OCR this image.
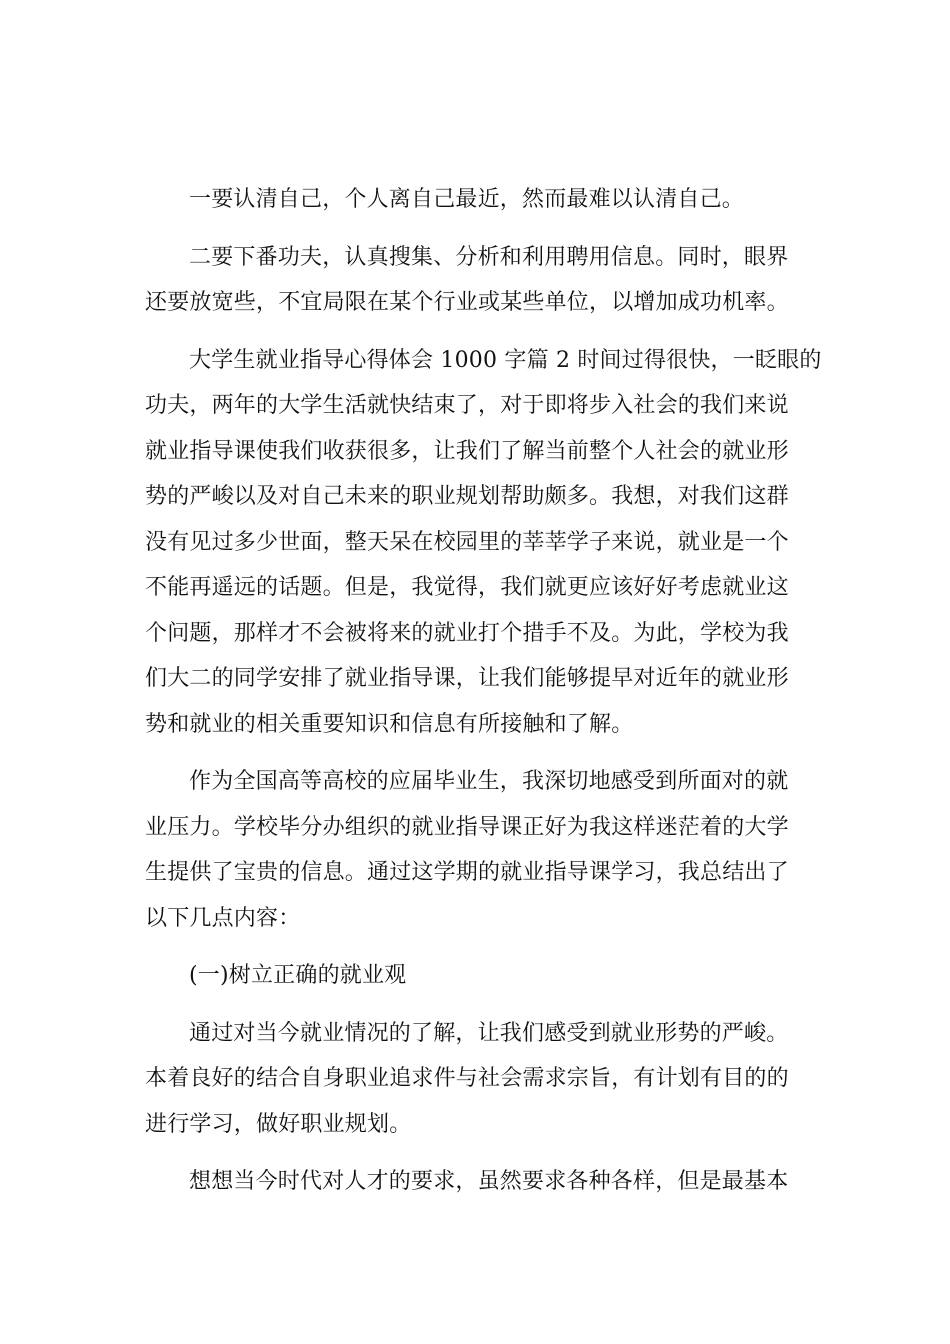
一要认清自己，个人离自己最近，然而最难以认清自己。
二要下番功夫，认真搜集、分析和利用聘用信息。同时，眼界
还要放宽些，不宜局限在某个行业或某些单位，以增加成功机率。
大学生就业指导心得体会 1000 字篇 2 时间过得很快，一眨眼的
功夫，两年的大学生活就快结束了，对于即将步入社会的我们来说
就业指导课使我们收获很多，让我们了解当前整个人社会的就业形
势的严峻以及对自己未来的职业规划帮助颇多。我想，对我们这群
没有见过多少世面，整天呆在校园里的莘莘学子来说，就业是一个
不能再遥远的话题。但是，我觉得，我们就更应该好好考虑就业这
个问题，那样才不会被将来的就业打个措手不及。为此，学校为我
们大二的同学安排了就业指导课，让我们能够提早对近年的就业形
势和就业的相关重要知识和信息有所接触和了解。
作为全国高等高校的应届毕业生，我深切地感受到所面对的就
业压力。学校毕分办组织的就业指导课正好为我这样迷茫着的大学
生提供了宝贵的信息。通过这学期的就业指导课学习，我总结出了
以下几点内容：
(一)树立正确的就业观
通过对当今就业情况的了解，让我们感受到就业形势的严峻。
本着良好的结合自身职业追求件与社会需求宗旨，有计划有目的的
进行学习，做好职业规划。
想想当今时代对人才的要求，虽然要求各种各样，但是最基本
